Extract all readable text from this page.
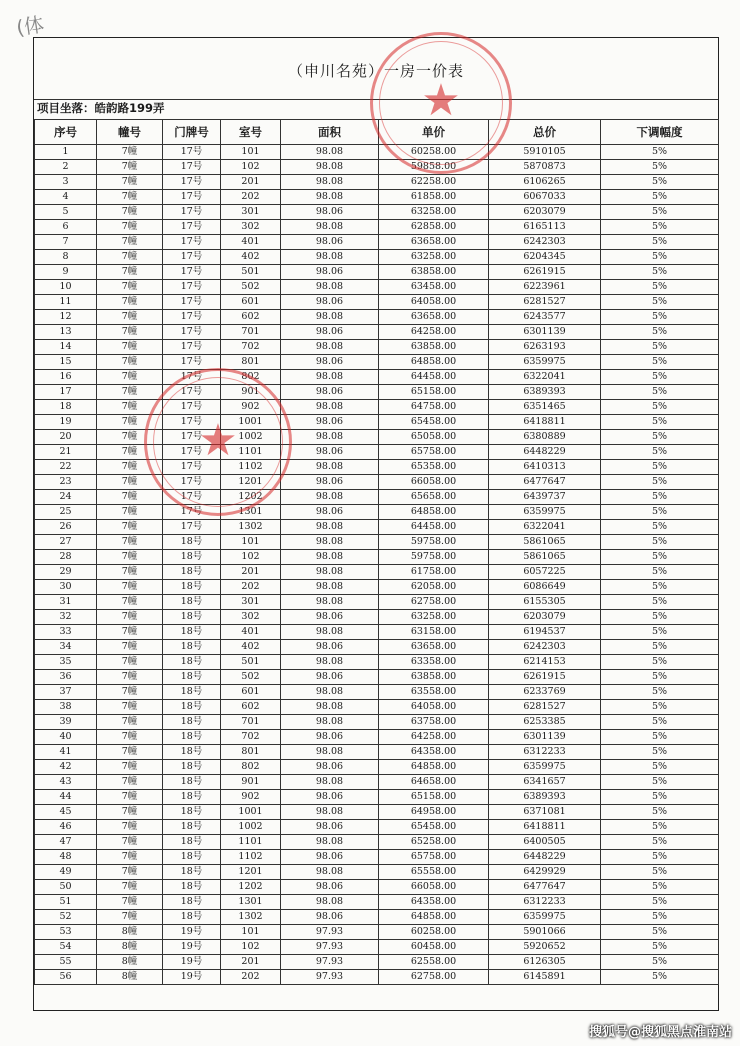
(体
（申川名苑）一房一价表
项目坐落：皓韵路199弄
序号	幢号	门牌号	室号	面积	单价	总价	下调幅度
1	7幢	17号	101	98.08	60258.00	5910105	5%
2	7幢	17号	102	98.08	59858.00	5870873	5%
3	7幢	17号	201	98.08	62258.00	6106265	5%
4	7幢	17号	202	98.08	61858.00	6067033	5%
5	7幢	17号	301	98.06	63258.00	6203079	5%
6	7幢	17号	302	98.08	62858.00	6165113	5%
7	7幢	17号	401	98.06	63658.00	6242303	5%
8	7幢	17号	402	98.08	63258.00	6204345	5%
9	7幢	17号	501	98.06	63858.00	6261915	5%
10	7幢	17号	502	98.08	63458.00	6223961	5%
11	7幢	17号	601	98.06	64058.00	6281527	5%
12	7幢	17号	602	98.08	63658.00	6243577	5%
13	7幢	17号	701	98.06	64258.00	6301139	5%
14	7幢	17号	702	98.08	63858.00	6263193	5%
15	7幢	17号	801	98.06	64858.00	6359975	5%
16	7幢	17号	802	98.08	64458.00	6322041	5%
17	7幢	17号	901	98.06	65158.00	6389393	5%
18	7幢	17号	902	98.08	64758.00	6351465	5%
19	7幢	17号	1001	98.06	65458.00	6418811	5%
20	7幢	17号	1002	98.08	65058.00	6380889	5%
21	7幢	17号	1101	98.06	65758.00	6448229	5%
22	7幢	17号	1102	98.08	65358.00	6410313	5%
23	7幢	17号	1201	98.06	66058.00	6477647	5%
24	7幢	17号	1202	98.08	65658.00	6439737	5%
25	7幢	17号	1301	98.06	64858.00	6359975	5%
26	7幢	17号	1302	98.08	64458.00	6322041	5%
27	7幢	18号	101	98.08	59758.00	5861065	5%
28	7幢	18号	102	98.08	59758.00	5861065	5%
29	7幢	18号	201	98.08	61758.00	6057225	5%
30	7幢	18号	202	98.08	62058.00	6086649	5%
31	7幢	18号	301	98.08	62758.00	6155305	5%
32	7幢	18号	302	98.06	63258.00	6203079	5%
33	7幢	18号	401	98.08	63158.00	6194537	5%
34	7幢	18号	402	98.06	63658.00	6242303	5%
35	7幢	18号	501	98.08	63358.00	6214153	5%
36	7幢	18号	502	98.06	63858.00	6261915	5%
37	7幢	18号	601	98.08	63558.00	6233769	5%
38	7幢	18号	602	98.08	64058.00	6281527	5%
39	7幢	18号	701	98.08	63758.00	6253385	5%
40	7幢	18号	702	98.06	64258.00	6301139	5%
41	7幢	18号	801	98.08	64358.00	6312233	5%
42	7幢	18号	802	98.06	64858.00	6359975	5%
43	7幢	18号	901	98.08	64658.00	6341657	5%
44	7幢	18号	902	98.06	65158.00	6389393	5%
45	7幢	18号	1001	98.08	64958.00	6371081	5%
46	7幢	18号	1002	98.06	65458.00	6418811	5%
47	7幢	18号	1101	98.08	65258.00	6400505	5%
48	7幢	18号	1102	98.06	65758.00	6448229	5%
49	7幢	18号	1201	98.08	65558.00	6429929	5%
50	7幢	18号	1202	98.06	66058.00	6477647	5%
51	7幢	18号	1301	98.08	64358.00	6312233	5%
52	7幢	18号	1302	98.06	64858.00	6359975	5%
53	8幢	19号	101	97.93	60258.00	5901066	5%
54	8幢	19号	102	97.93	60458.00	5920652	5%
55	8幢	19号	201	97.93	62558.00	6126305	5%
56	8幢	19号	202	97.93	62758.00	6145891	5%
★
★
搜狐号@搜狐黑点淮南站
